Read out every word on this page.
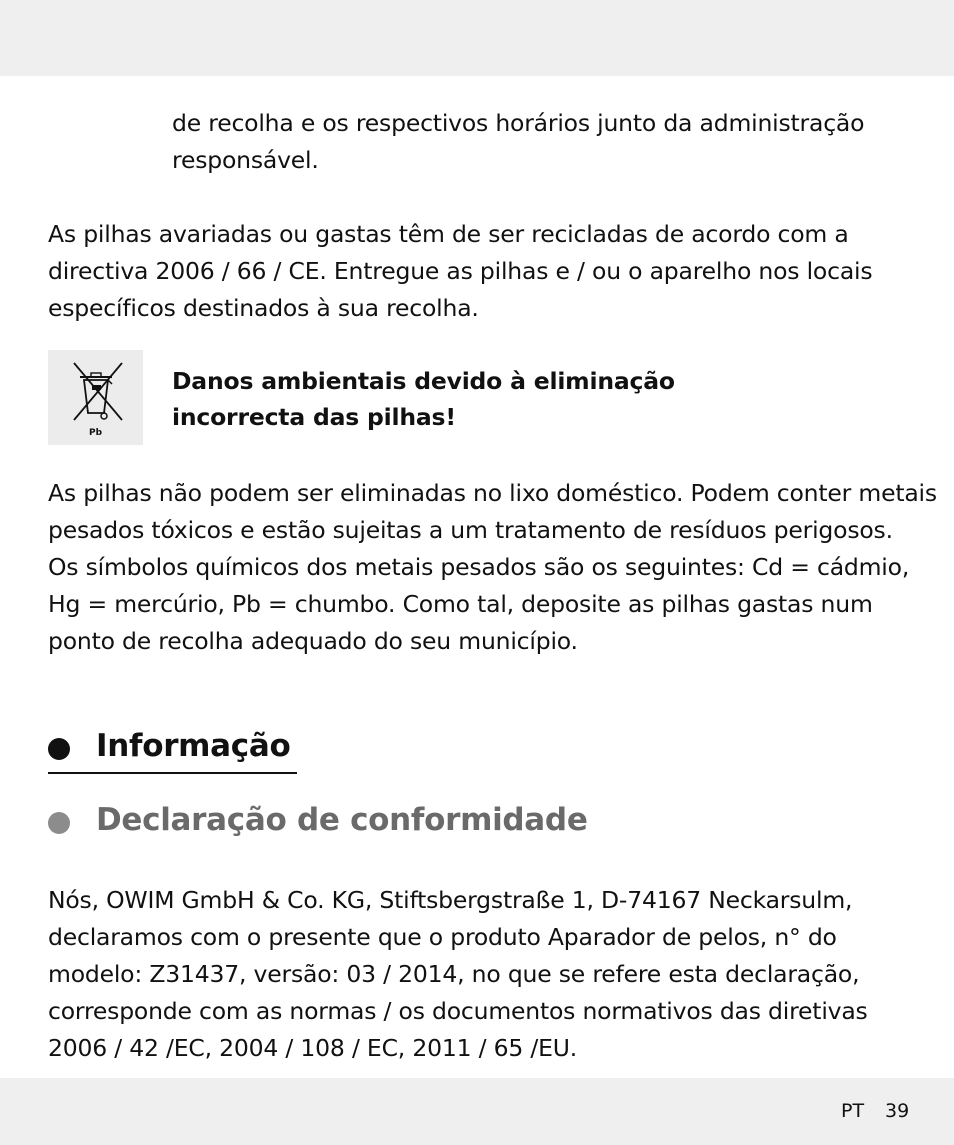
de recolha e os respectivos horários junto da administração
responsável.

As pilhas avariadas ou gastas têm de ser recicladas de acordo com a
directiva 2006 / 66 / CE. Entregue as pilhas e / ou o aparelho nos locais
específicos destinados à sua recolha.

Pb
Danos ambientais devido à eliminação
incorrecta das pilhas!

As pilhas não podem ser eliminadas no lixo doméstico. Podem conter metais
pesados tóxicos e estão sujeitas a um tratamento de resíduos perigosos.
Os símbolos químicos dos metais pesados são os seguintes: Cd = cádmio,
Hg = mercúrio, Pb = chumbo. Como tal, deposite as pilhas gastas num
ponto de recolha adequado do seu município.

Informação
Declaração de conformidade

Nós, OWIM GmbH & Co. KG, Stiftsbergstraße 1, D-74167 Neckarsulm,
declaramos com o presente que o produto Aparador de pelos, n° do
modelo: Z31437, versão: 03 / 2014, no que se refere esta declaração,
corresponde com as normas / os documentos normativos das diretivas
2006 / 42 /EC, 2004 / 108 / EC, 2011 / 65 /EU.

PT 39
